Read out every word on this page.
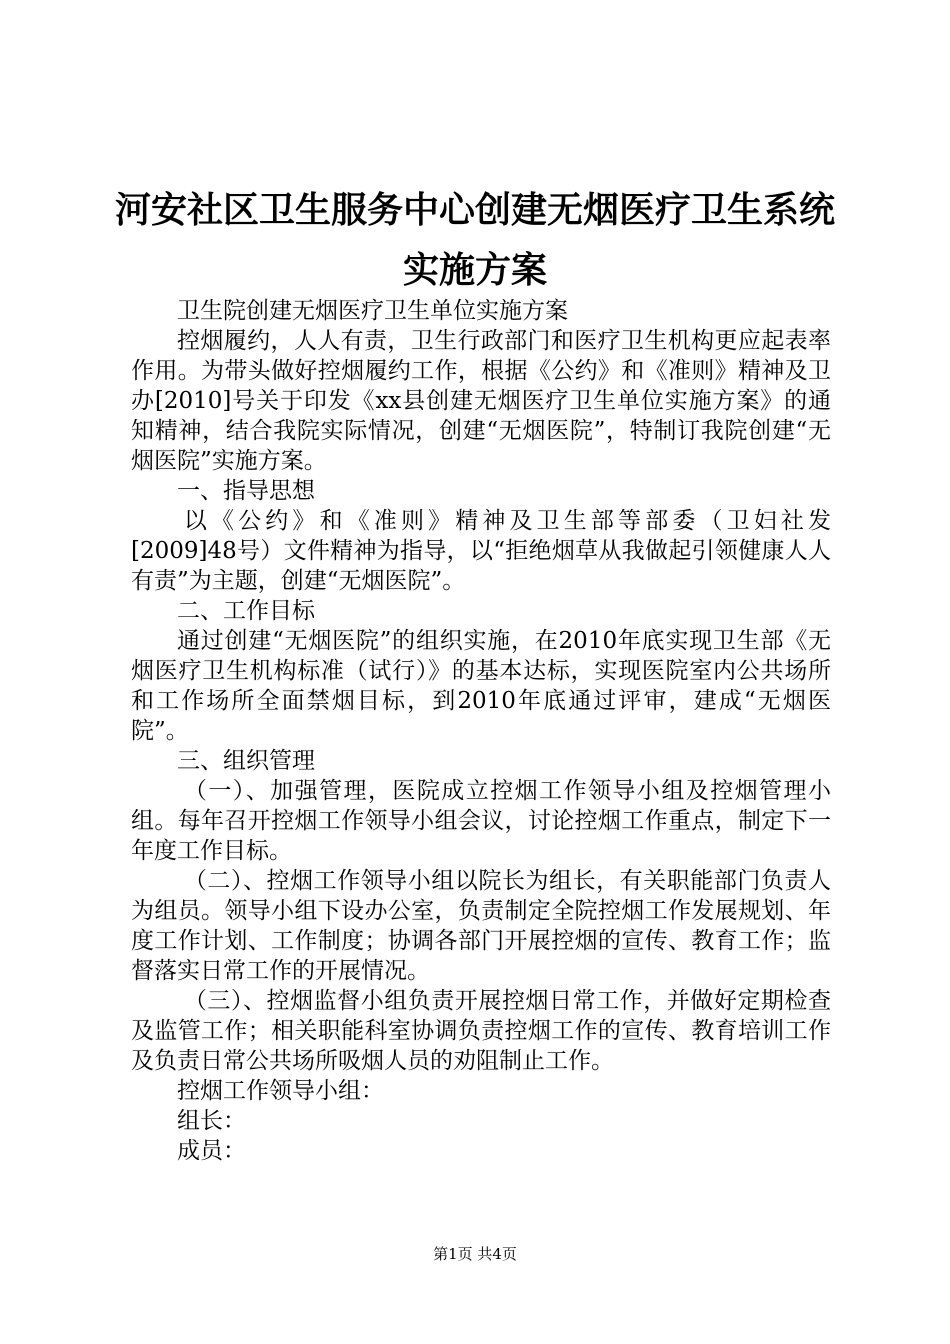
河安社区卫生服务中心创建无烟医疗卫生系统
实施方案

卫生院创建无烟医疗卫生单位实施方案

控烟履约，人人有责，卫生行政部门和医疗卫生机构更应起表率作用。为带头做好控烟履约工作，根据《公约》和《准则》精神及卫办[2010]号关于印发《xx县创建无烟医疗卫生单位实施方案》的通知精神，结合我院实际情况，创建“无烟医院”，特制订我院创建“无烟医院”实施方案。

一、指导思想

以《公约》和《准则》精神及卫生部等部委（卫妇社发[2009]48号）文件精神为指导，以“拒绝烟草从我做起引领健康人人有责”为主题，创建“无烟医院”。

二、工作目标

通过创建“无烟医院”的组织实施，在2010年底实现卫生部《无烟医疗卫生机构标准（试行）》的基本达标，实现医院室内公共场所和工作场所全面禁烟目标，到2010年底通过评审，建成“无烟医院”。

三、组织管理

（一）、加强管理，医院成立控烟工作领导小组及控烟管理小组。每年召开控烟工作领导小组会议，讨论控烟工作重点，制定下一年度工作目标。

（二）、控烟工作领导小组以院长为组长，有关职能部门负责人为组员。领导小组下设办公室，负责制定全院控烟工作发展规划、年度工作计划、工作制度；协调各部门开展控烟的宣传、教育工作；监督落实日常工作的开展情况。

（三）、控烟监督小组负责开展控烟日常工作，并做好定期检查及监管工作；相关职能科室协调负责控烟工作的宣传、教育培训工作及负责日常公共场所吸烟人员的劝阻制止工作。

控烟工作领导小组：

组长：

成员：

第1页 共4页
